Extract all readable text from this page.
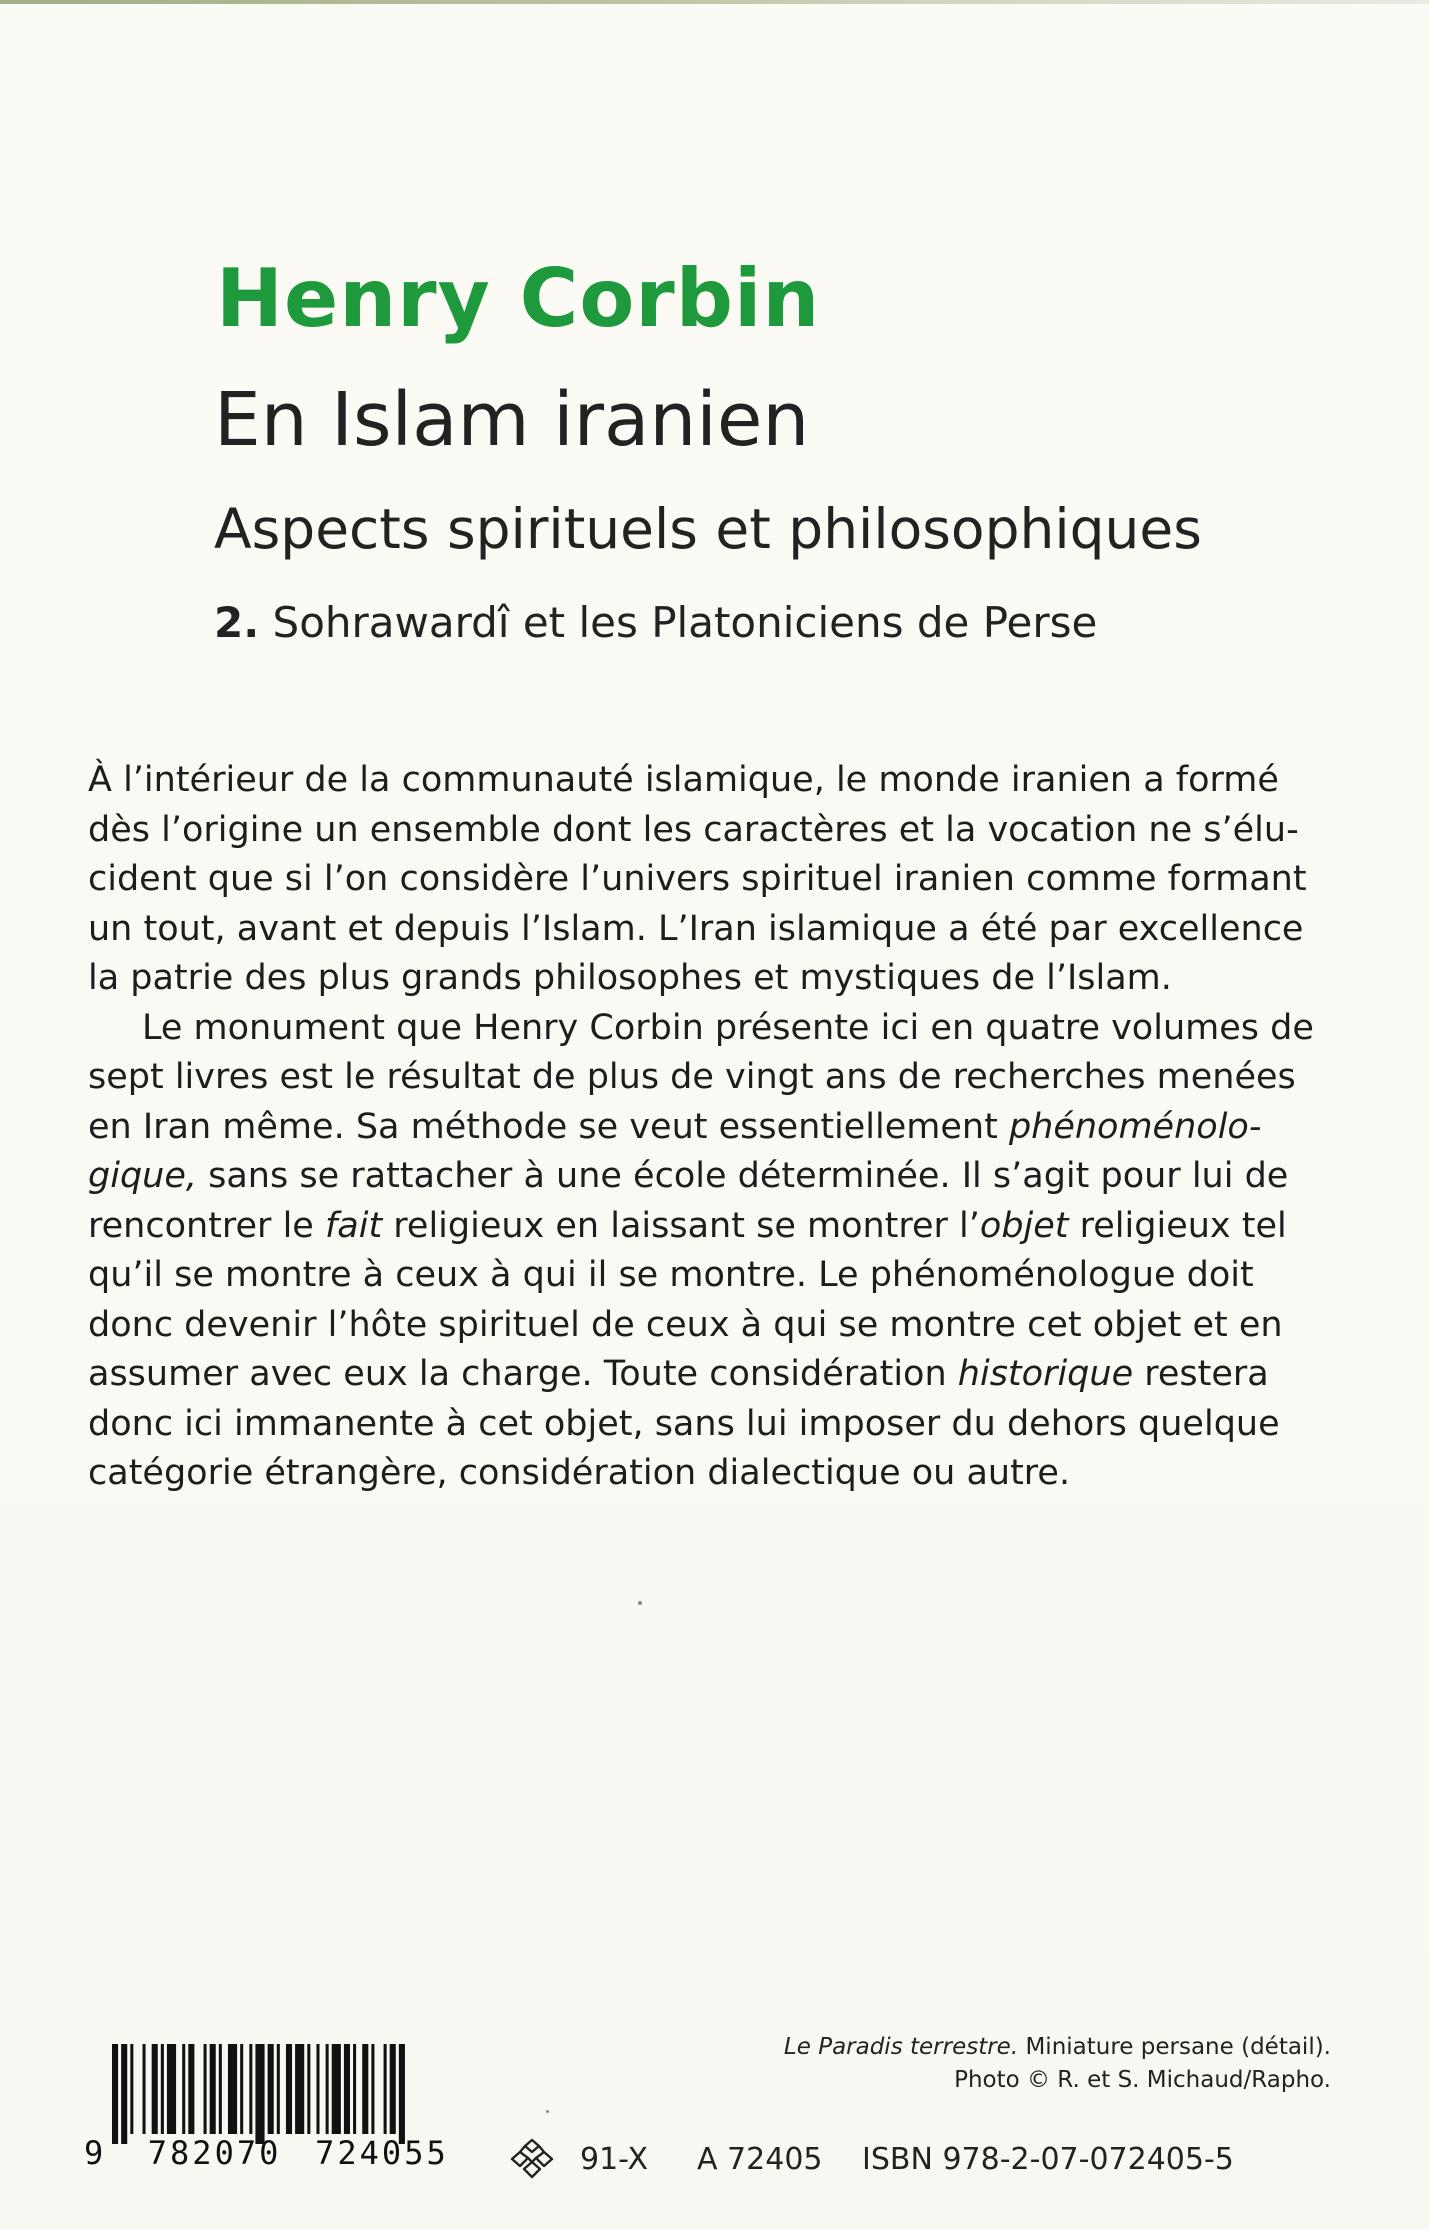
Henry Corbin
En Islam iranien
Aspects spirituels et philosophiques
2. Sohrawardî et les Platoniciens de Perse

À l’intérieur de la communauté islamique, le monde iranien a formé
dès l’origine un ensemble dont les caractères et la vocation ne s’élu-
cident que si l’on considère l’univers spirituel iranien comme formant
un tout, avant et depuis l’Islam. L’Iran islamique a été par excellence
la patrie des plus grands philosophes et mystiques de l’Islam.

Le monument que Henry Corbin présente ici en quatre volumes de
sept livres est le résultat de plus de vingt ans de recherches menées
en Iran même. Sa méthode se veut essentiellement phénoménolo-
gique, sans se rattacher à une école déterminée. Il s’agit pour lui de
rencontrer le fait religieux en laissant se montrer l’objet religieux tel
qu’il se montre à ceux à qui il se montre. Le phénoménologue doit
donc devenir l’hôte spirituel de ceux à qui se montre cet objet et en
assumer avec eux la charge. Toute considération historique restera
donc ici immanente à cet objet, sans lui imposer du dehors quelque
catégorie étrangère, considération dialectique ou autre.

Le Paradis terrestre. Miniature persane (détail).
Photo © R. et S. Michaud/Rapho.
9 782070 724055	91-X A 72405 ISBN 978-2-07-072405-5
